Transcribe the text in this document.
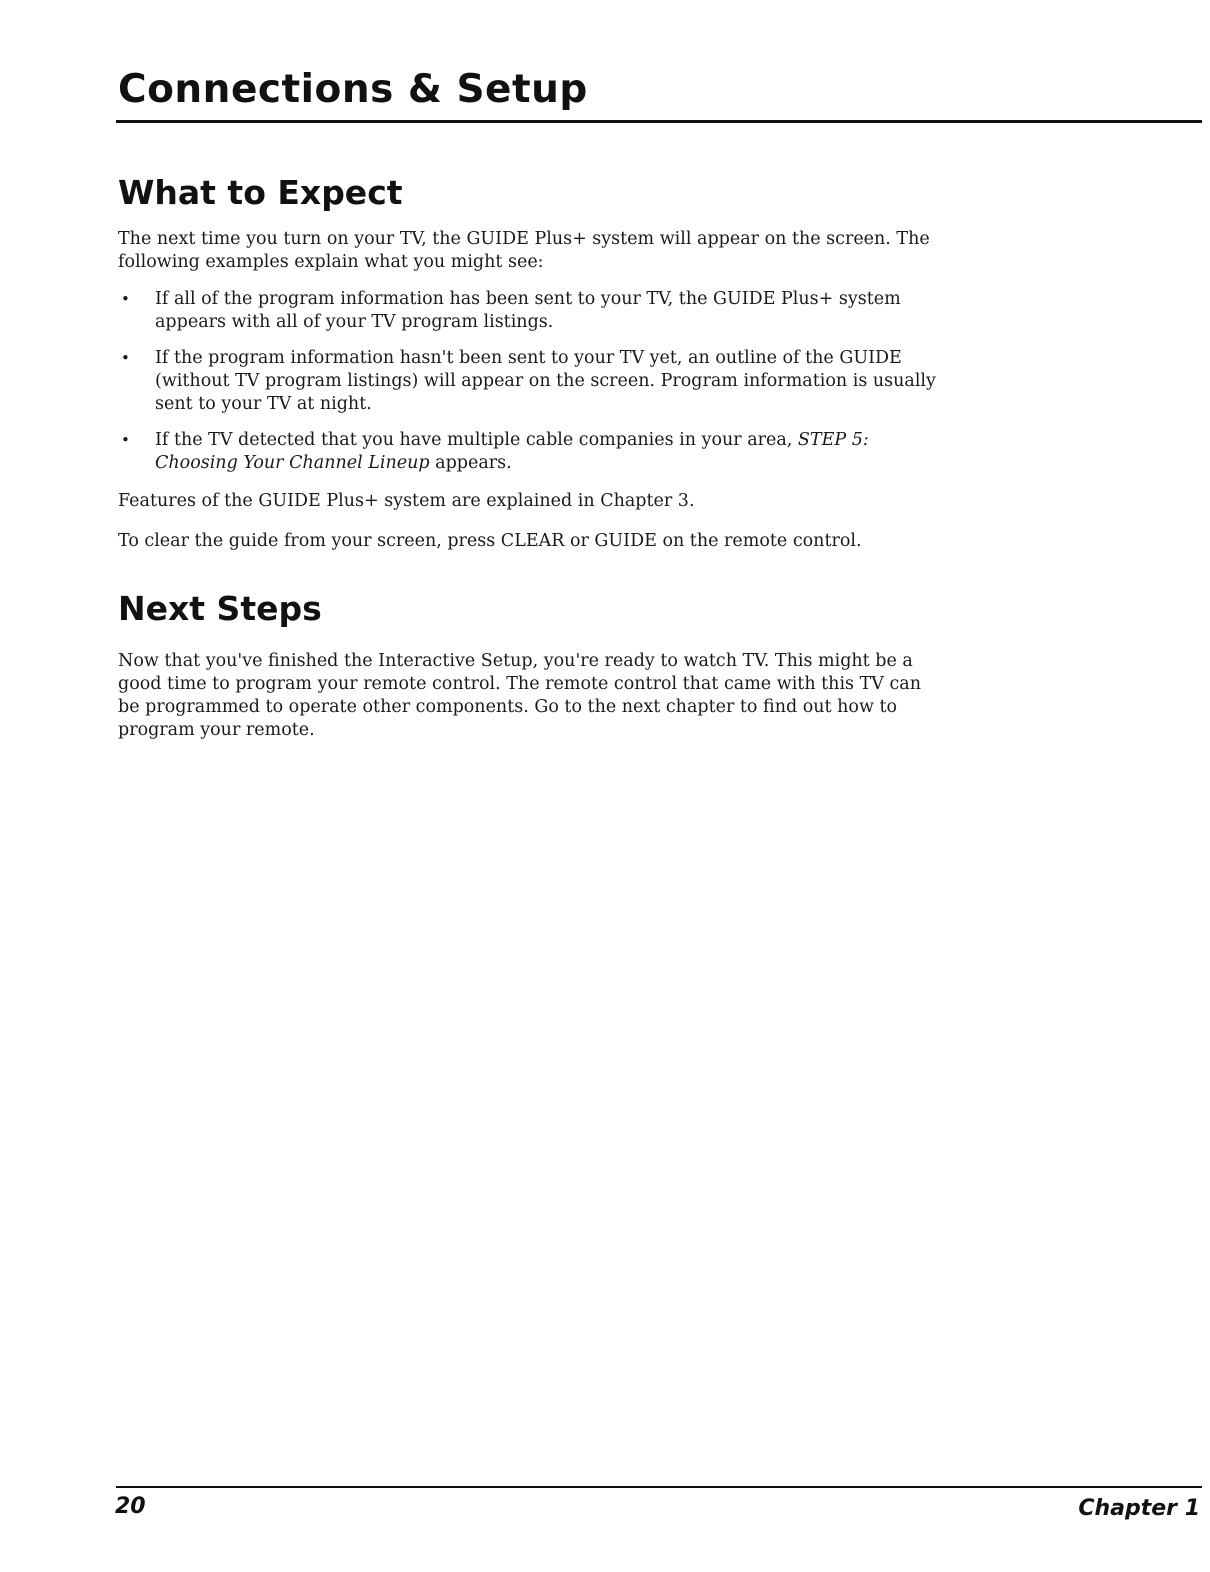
Connections & Setup
What to Expect

The next time you turn on your TV, the GUIDE Plus+ system will appear on the screen. The following examples explain what you might see:

• If all of the program information has been sent to your TV, the GUIDE Plus+ system appears with all of your TV program listings.
• If the program information hasn't been sent to your TV yet, an outline of the GUIDE (without TV program listings) will appear on the screen. Program information is usually sent to your TV at night.
• If the TV detected that you have multiple cable companies in your area, STEP 5: Choosing Your Channel Lineup appears.

Features of the GUIDE Plus+ system are explained in Chapter 3.

To clear the guide from your screen, press CLEAR or GUIDE on the remote control.

Next Steps

Now that you've finished the Interactive Setup, you're ready to watch TV. This might be a good time to program your remote control. The remote control that came with this TV can be programmed to operate other components. Go to the next chapter to find out how to program your remote.

20	Chapter 1
